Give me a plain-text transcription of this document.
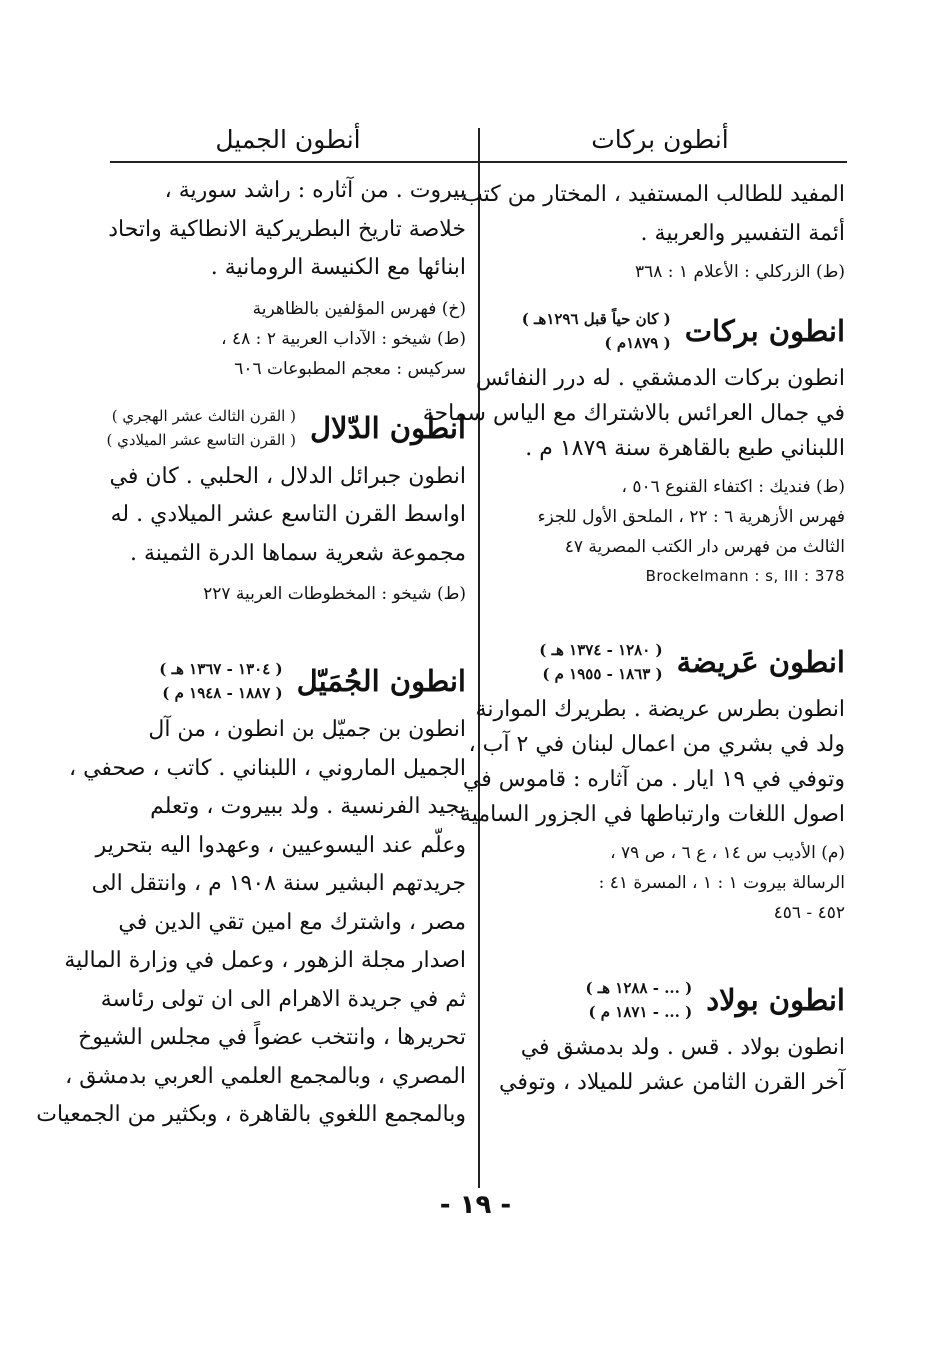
أنطون بركات
أنطون الجميل
المفيد للطالب المستفيد ، المختار من كتب
أئمة التفسير والعربية .
(ط) الزركلي : الأعلام ١ : ٣٦٨
انطون بركات
( كان حياً قبل ١٢٩٦هـ )
( ١٨٧٩م )
انطون بركات الدمشقي . له درر النفائس
في جمال العرائس بالاشتراك مع الياس سماحة
اللبناني طبع بالقاهرة سنة ١٨٧٩ م .
(ط) فنديك : اكتفاء القنوع ٥٠٦ ،
فهرس الأزهرية ٦ : ٢٢ ، الملحق الأول للجزء
الثالث من فهرس دار الكتب المصرية ٤٧
Brockelmann : s, III : 378
انطون عَريضة
( ١٢٨٠ - ١٣٧٤ هـ )
( ١٨٦٣ - ١٩٥٥ م )
انطون بطرس عريضة . بطريرك الموارنة
ولد في بشري من اعمال لبنان في ٢ آب ،
وتوفي في ١٩ ايار . من آثاره : قاموس في
اصول اللغات وارتباطها في الجزور السامية
(م) الأديب س ١٤ ، ع ٦ ، ص ٧٩ ،
الرسالة بيروت ١ : ١ ، المسرة ٤١ :
٤٥٢ - ٤٥٦
انطون بولاد
( ... - ١٢٨٨ هـ )
( ... - ١٨٧١ م )
انطون بولاد . قس . ولد بدمشق في
آخر القرن الثامن عشر للميلاد ، وتوفي
بيروت . من آثاره : راشد سورية ،
خلاصة تاريخ البطريركية الانطاكية واتحاد
ابنائها مع الكنيسة الرومانية .
(خ) فهرس المؤلفين بالظاهرية
(ط) شيخو : الآداب العربية ٢ : ٤٨ ،
سركيس : معجم المطبوعات ٦٠٦
انطون الدّلال
( القرن الثالث عشر الهجري )
( القرن التاسع عشر الميلادي )
انطون جبرائل الدلال ، الحلبي . كان في
اواسط القرن التاسع عشر الميلادي . له
مجموعة شعرية سماها الدرة الثمينة .
(ط) شيخو : المخطوطات العربية ٢٢٧
انطون الجُمَيّل
( ١٣٠٤ - ١٣٦٧ هـ )
( ١٨٨٧ - ١٩٤٨ م )
انطون بن جميّل بن انطون ، من آل
الجميل الماروني ، اللبناني . كاتب ، صحفي ،
يجيد الفرنسية . ولد ببيروت ، وتعلم
وعلّم عند اليسوعيين ، وعهدوا اليه بتحرير
جريدتهم البشير سنة ١٩٠٨ م ، وانتقل الى
مصر ، واشترك مع امين تقي الدين في
اصدار مجلة الزهور ، وعمل في وزارة المالية
ثم في جريدة الاهرام الى ان تولى رئاسة
تحريرها ، وانتخب عضواً في مجلس الشيوخ
المصري ، وبالمجمع العلمي العربي بدمشق ،
وبالمجمع اللغوي بالقاهرة ، وبكثير من الجمعيات
- ١٩ -
